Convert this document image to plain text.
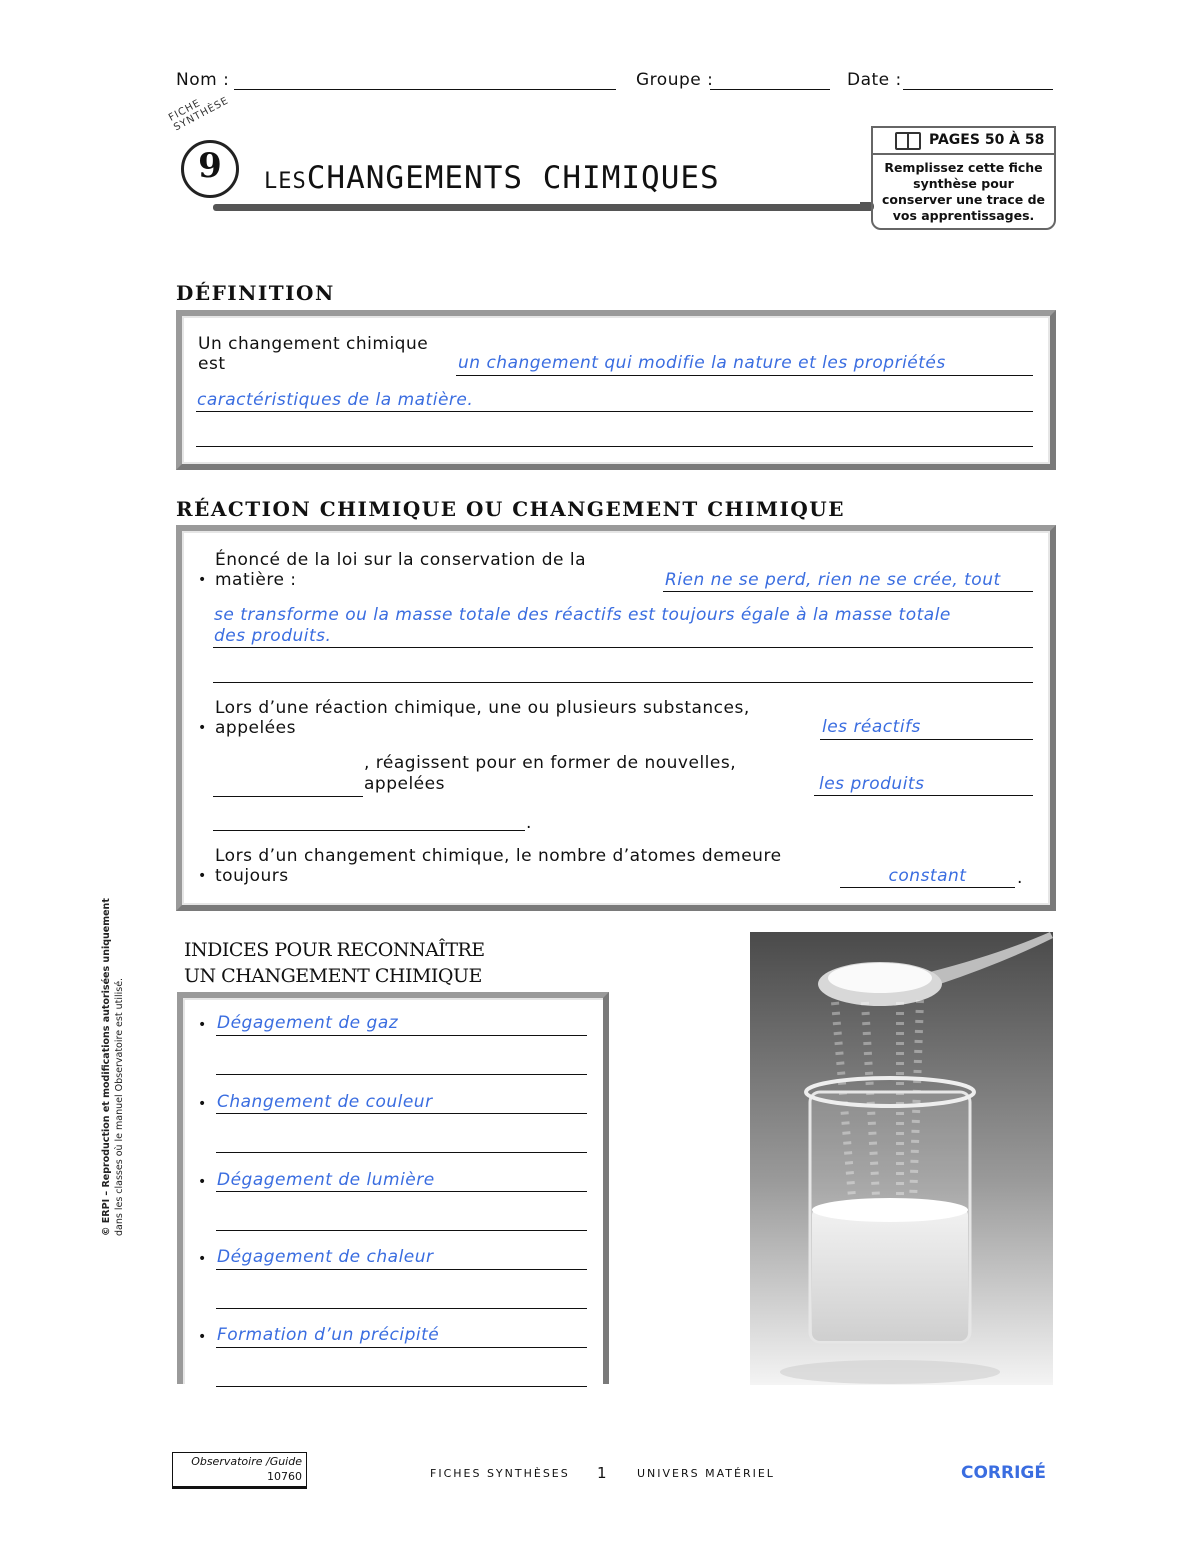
Nom :	Groupe :	Date :
FICHE SYNTHÈSE
9	LESCHANGEMENTS CHIMIQUES
PAGES 50 À 58
Remplissez cette fiche synthèse pour conserver une trace de vos apprentissages.
DÉFINITION
Un changement chimique est	un changement qui modifie la nature et les propriétés
caractéristiques de la matière.
RÉACTION CHIMIQUE OU CHANGEMENT CHIMIQUE
•
Énoncé de la loi sur la conservation de la
matière :	Rien ne se perd, rien ne se crée, tout
se transforme ou la masse totale des réactifs est toujours égale à la masse totale
des produits.
•
Lors d’une réaction chimique, une ou plusieurs substances,
appelées	les réactifs
, réagissent pour en former de nouvelles,
appelées	les produits
.
•
Lors d’un changement chimique, le nombre d’atomes demeure
toujours	constant	.
© ERPI – Reproduction et modifications autorisées uniquement dans les classes où le manuel Observatoire est utilisé.
INDICES POUR RECONNAÎTRE
UN CHANGEMENT CHIMIQUE
• Dégagement de gaz
• Changement de couleur
• Dégagement de lumière
• Dégagement de chaleur
• Formation d’un précipité
Observatoire /Guide
10760	FICHES SYNTHÈSES 1	UNIVERS MATÉRIEL	CORRIGÉ
